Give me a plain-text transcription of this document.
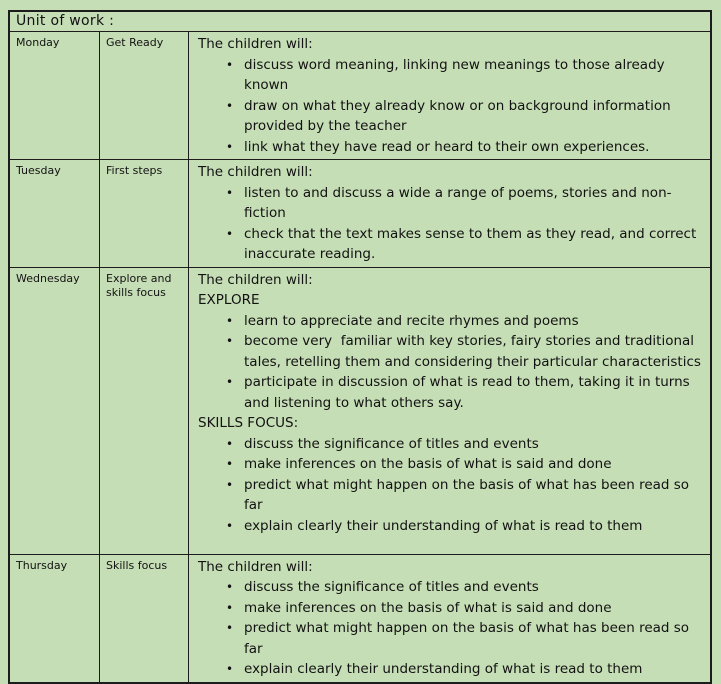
Unit of work :
Monday	Get Ready	The children will:
• discuss word meaning, linking new meanings to those already known
• draw on what they already know or on background information provided by the teacher
• link what they have read or heard to their own experiences.
Tuesday	First steps	The children will:
• listen to and discuss a wide a range of poems, stories and non-fiction
• check that the text makes sense to them as they read, and correct inaccurate reading.
Wednesday	Explore and skills focus
The children will:
EXPLORE
• learn to appreciate and recite rhymes and poems
• become very  familiar with key stories, fairy stories and traditional tales, retelling them and considering their particular characteristics
• participate in discussion of what is read to them, taking it in turns and listening to what others say.
SKILLS FOCUS:
• discuss the significance of titles and events
• make inferences on the basis of what is said and done
• predict what might happen on the basis of what has been read so far
• explain clearly their understanding of what is read to them
Thursday	Skills focus	The children will:
• discuss the significance of titles and events
• make inferences on the basis of what is said and done
• predict what might happen on the basis of what has been read so far
• explain clearly their understanding of what is read to them
